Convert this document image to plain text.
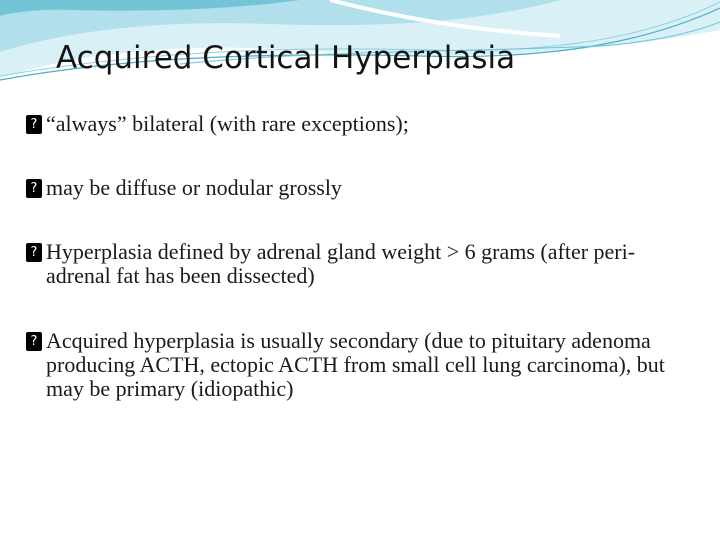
Acquired Cortical Hyperplasia
? “always” bilateral (with rare exceptions);
? may be diffuse or nodular grossly
? Hyperplasia defined by adrenal gland weight > 6 grams (after peri-adrenal fat has been dissected)
? Acquired hyperplasia is usually secondary (due to pituitary adenoma producing ACTH, ectopic ACTH from small cell lung carcinoma), but may be primary (idiopathic)
